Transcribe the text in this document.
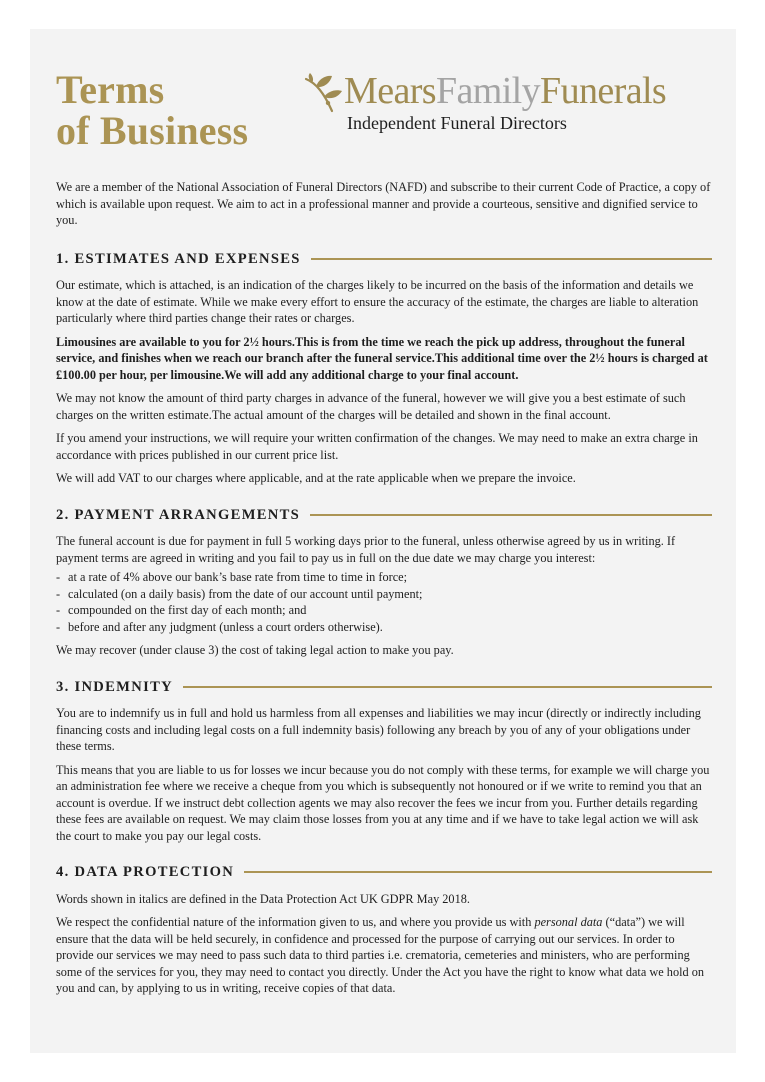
Terms
of Business
MearsFamilyFunerals
Independent Funeral Directors

We are a member of the National Association of Funeral Directors (NAFD) and subscribe to their current Code of Practice, a copy of which is available upon request. We aim to act in a professional manner and provide a courteous, sensitive and dignified service to you.

1. ESTIMATES AND EXPENSES

Our estimate, which is attached, is an indication of the charges likely to be incurred on the basis of the information and details we know at the date of estimate. While we make every effort to ensure the accuracy of the estimate, the charges are liable to alteration particularly where third parties change their rates or charges.

Limousines are available to you for 2½ hours.This is from the time we reach the pick up address, throughout the funeral service, and finishes when we reach our branch after the funeral service.This additional time over the 2½ hours is charged at £100.00 per hour, per limousine.We will add any additional charge to your final account.

We may not know the amount of third party charges in advance of the funeral, however we will give you a best estimate of such charges on the written estimate.The actual amount of the charges will be detailed and shown in the final account.

If you amend your instructions, we will require your written confirmation of the changes. We may need to make an extra charge in accordance with prices published in our current price list.

We will add VAT to our charges where applicable, and at the rate applicable when we prepare the invoice.

2. PAYMENT ARRANGEMENTS

The funeral account is due for payment in full 5 working days prior to the funeral, unless otherwise agreed by us in writing. If payment terms are agreed in writing and you fail to pay us in full on the due date we may charge you interest:

- at a rate of 4% above our bank’s base rate from time to time in force;
- calculated (on a daily basis) from the date of our account until payment;
- compounded on the first day of each month; and
- before and after any judgment (unless a court orders otherwise).

We may recover (under clause 3) the cost of taking legal action to make you pay.

3. INDEMNITY

You are to indemnify us in full and hold us harmless from all expenses and liabilities we may incur (directly or indirectly including financing costs and including legal costs on a full indemnity basis) following any breach by you of any of your obligations under these terms.

This means that you are liable to us for losses we incur because you do not comply with these terms, for example we will charge you an administration fee where we receive a cheque from you which is subsequently not honoured or if we write to remind you that an account is overdue. If we instruct debt collection agents we may also recover the fees we incur from you. Further details regarding these fees are available on request. We may claim those losses from you at any time and if we have to take legal action we will ask the court to make you pay our legal costs.

4. DATA PROTECTION

Words shown in italics are defined in the Data Protection Act UK GDPR May 2018.

We respect the confidential nature of the information given to us, and where you provide us with personal data (“data”) we will ensure that the data will be held securely, in confidence and processed for the purpose of carrying out our services. In order to provide our services we may need to pass such data to third parties i.e. crematoria, cemeteries and ministers, who are performing some of the services for you, they may need to contact you directly. Under the Act you have the right to know what data we hold on you and can, by applying to us in writing, receive copies of that data.
